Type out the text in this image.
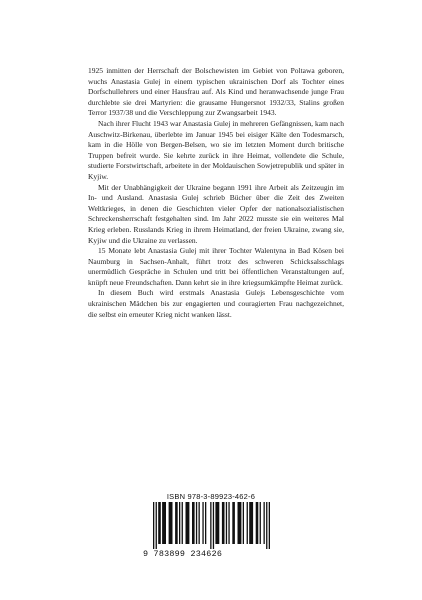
1925 inmitten der Herrschaft der Bolschewisten im Gebiet von Poltawa geboren, wuchs Anastasia Gulej in einem typischen ukrainischen Dorf als Tochter eines Dorfschullehrers und einer Hausfrau auf. Als Kind und heranwachsende junge Frau durchlebte sie drei Martyrien: die grausame Hungersnot 1932/33, Stalins großen Terror 1937/38 und die Verschleppung zur Zwangsarbeit 1943.

Nach ihrer Flucht 1943 war Anastasia Gulej in mehreren Gefängnissen, kam nach Auschwitz-Birkenau, überlebte im Januar 1945 bei eisiger Kälte den Todesmarsch, kam in die Hölle von Bergen-Belsen, wo sie im letzten Moment durch britische Truppen befreit wurde. Sie kehrte zurück in ihre Heimat, vollendete die Schule, studierte Forstwirtschaft, arbeitete in der Moldauischen Sowjetrepublik und später in Kyjiw.

Mit der Unabhängigkeit der Ukraine begann 1991 ihre Arbeit als Zeitzeugin im In- und Ausland. Anastasia Gulej schrieb Bücher über die Zeit des Zweiten Weltkrieges, in denen die Geschichten vieler Opfer der nationalsozialistischen Schreckensherrschaft festgehalten sind. Im Jahr 2022 musste sie ein weiteres Mal Krieg erleben. Russlands Krieg in ihrem Heimatland, der freien Ukraine, zwang sie, Kyjiw und die Ukraine zu verlassen.

15 Monate lebt Anastasia Gulej mit ihrer Tochter Walentyna in Bad Kösen bei Naumburg in Sachsen-Anhalt, führt trotz des schweren Schicksalsschlags unermüdlich Gespräche in Schulen und tritt bei öffentlichen Veranstaltungen auf, knüpft neue Freundschaften. Dann kehrt sie in ihre kriegsumkämpfte Heimat zurück.

In diesem Buch wird erstmals Anastasia Gulejs Lebensgeschichte vom ukrainischen Mädchen bis zur engagierten und couragierten Frau nachgezeichnet, die selbst ein erneuter Krieg nicht wanken lässt.

ISBN 978-3-89923-462-6
9 783899 234626
